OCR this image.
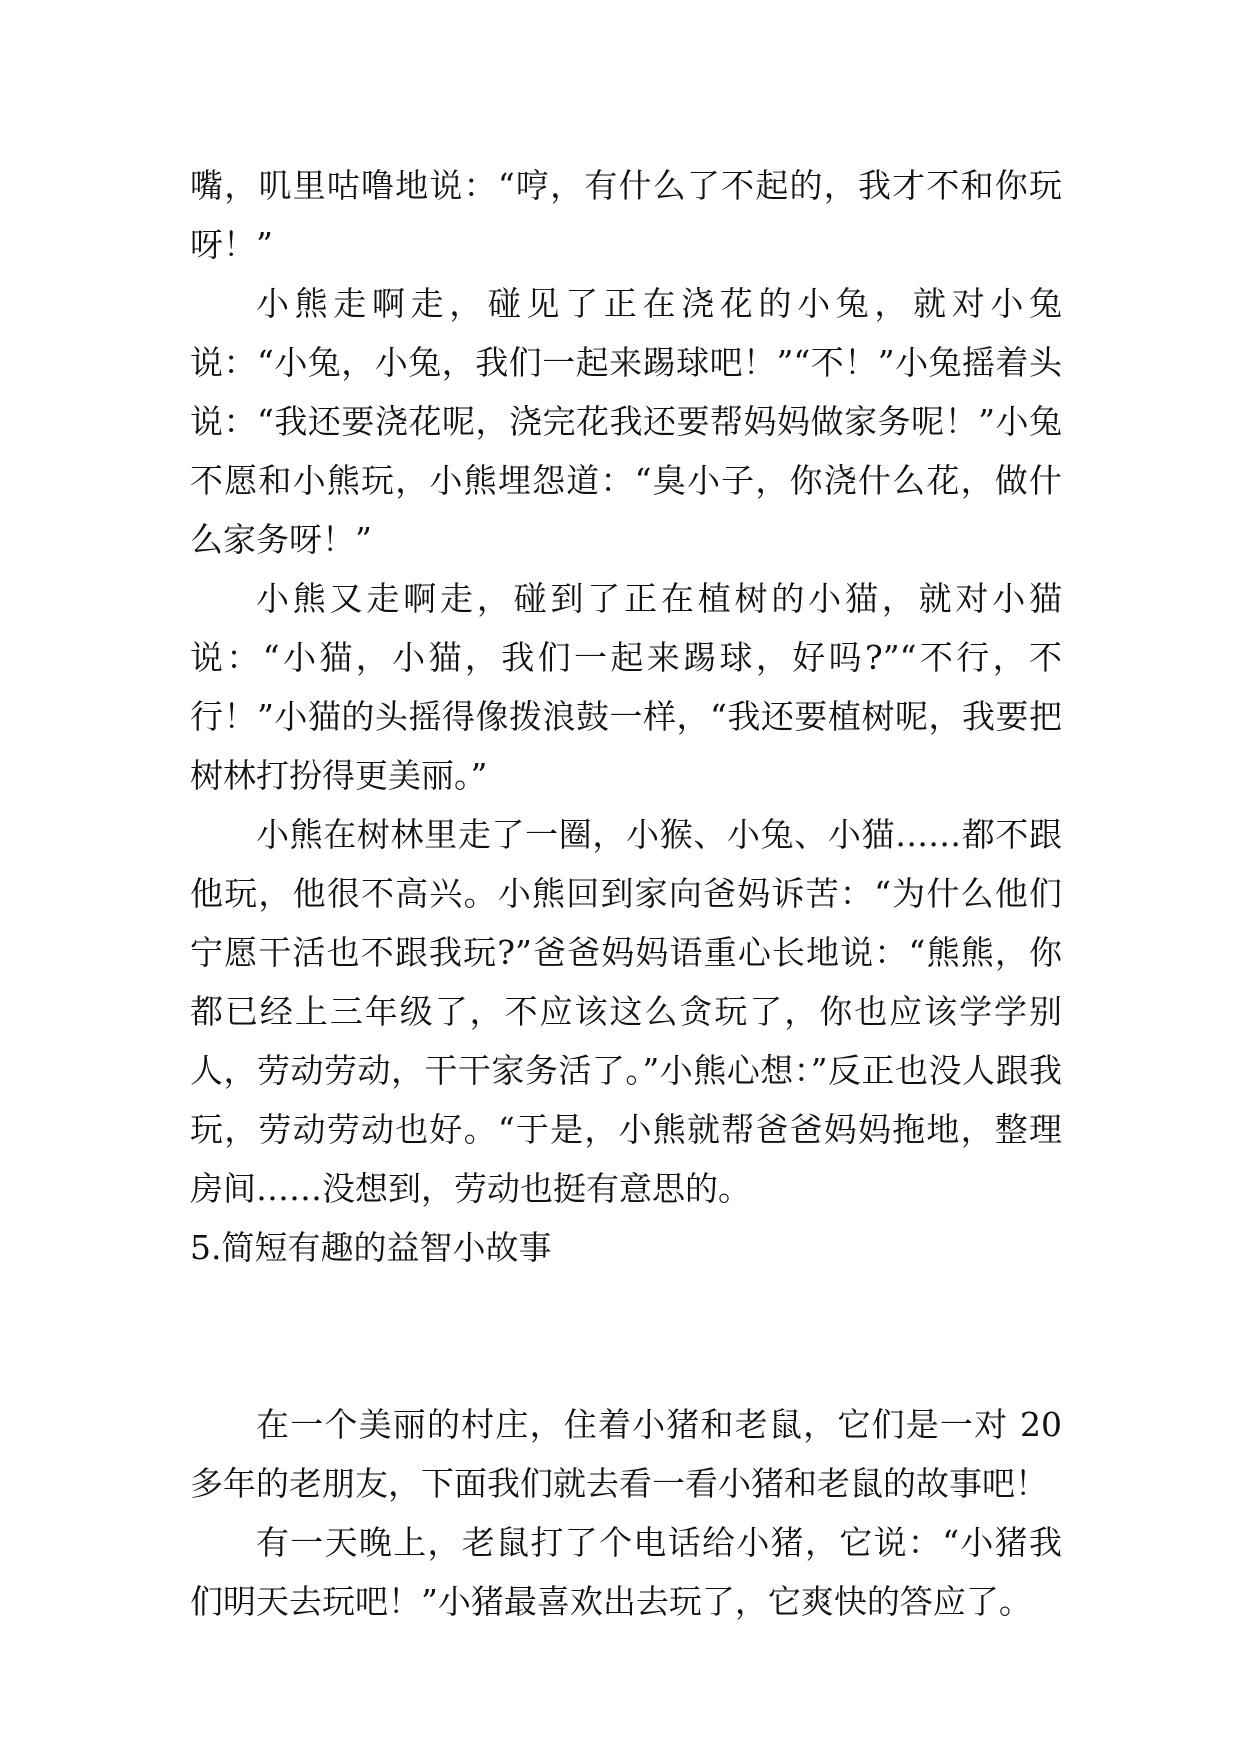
嘴，叽里咕噜地说：“哼，有什么了不起的，我才不和你玩呀！”

小熊走啊走，碰见了正在浇花的小兔，就对小兔说：“小兔，小兔，我们一起来踢球吧！”“不！”小兔摇着头说：“我还要浇花呢，浇完花我还要帮妈妈做家务呢！”小兔不愿和小熊玩，小熊埋怨道：“臭小子，你浇什么花，做什么家务呀！”

小熊又走啊走，碰到了正在植树的小猫，就对小猫说：“小猫，小猫，我们一起来踢球，好吗?”“不行，不行！”小猫的头摇得像拨浪鼓一样，“我还要植树呢，我要把树林打扮得更美丽。”

小熊在树林里走了一圈，小猴、小兔、小猫……都不跟他玩，他很不高兴。小熊回到家向爸妈诉苦：“为什么他们宁愿干活也不跟我玩?”爸爸妈妈语重心长地说：“熊熊，你都已经上三年级了，不应该这么贪玩了，你也应该学学别人，劳动劳动，干干家务活了。”小熊心想：”反正也没人跟我玩，劳动劳动也好。“于是，小熊就帮爸爸妈妈拖地，整理房间……没想到，劳动也挺有意思的。

5.简短有趣的益智小故事

在一个美丽的村庄，住着小猪和老鼠，它们是一对 20 多年的老朋友，下面我们就去看一看小猪和老鼠的故事吧！

有一天晚上，老鼠打了个电话给小猪，它说：“小猪我们明天去玩吧！”小猪最喜欢出去玩了，它爽快的答应了。
